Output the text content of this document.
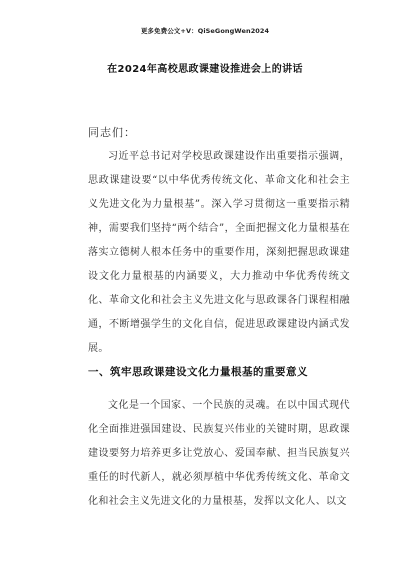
更多免费公文+V：QiSeGongWen2024
在2024年高校思政课建设推进会上的讲话
同志们：

习近平总书记对学校思政课建设作出重要指示强调，思政课建设要“以中华优秀传统文化、革命文化和社会主义先进文化为力量根基”。深入学习贯彻这一重要指示精神，需要我们坚持“两个结合”，全面把握文化力量根基在落实立德树人根本任务中的重要作用，深刻把握思政课建设文化力量根基的内涵要义，大力推动中华优秀传统文化、革命文化和社会主义先进文化与思政课各门课程相融通，不断增强学生的文化自信，促进思政课建设内涵式发展。

一、筑牢思政课建设文化力量根基的重要意义

文化是一个国家、一个民族的灵魂。在以中国式现代化全面推进强国建设、民族复兴伟业的关键时期，思政课建设要努力培养更多让党放心、爱国奉献、担当民族复兴重任的时代新人，就必须厚植中华优秀传统文化、革命文化和社会主义先进文化的力量根基，发挥以文化人、以文
